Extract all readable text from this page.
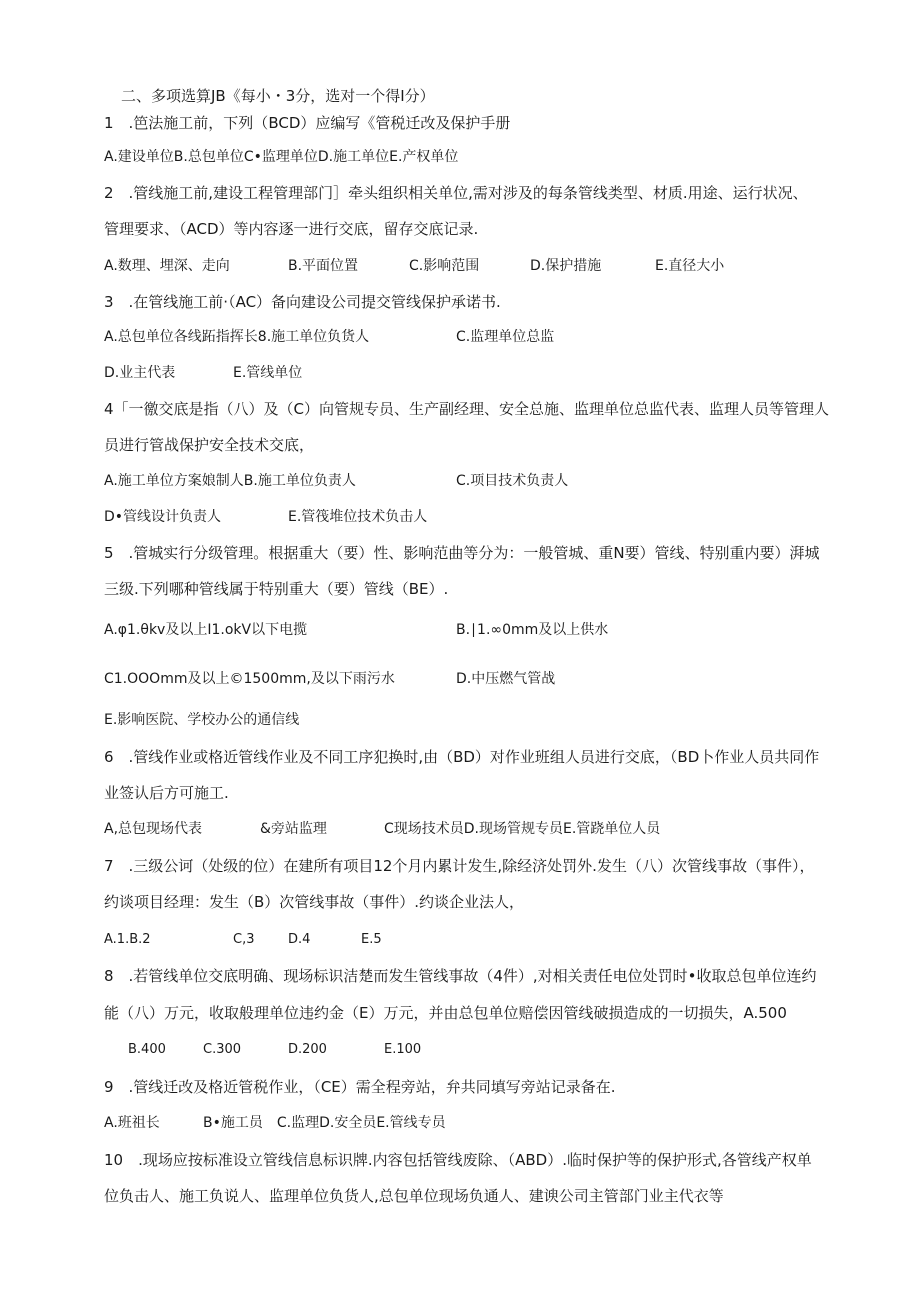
二、多项选算JB《每小・3分，选对一个得I分）
1　.笆法施工前，下列（BCD）应编写《管税迁改及保护手册
A.建设单位B.总包单位C•监理单位D.施工单位E.产权单位
2　.管线施工前,建设工程管理部门］牵头组织相关单位,需对涉及的每条管线类型、材质.用途、运行状况、
管理要求、（ACD）等内容逐一进行交底，留存交底记录.
A.数理、埋深、走向	B.平面位置	C.影响范围	D.保护措施	E.直径大小
3　.在管线施工前·（AC）备向建设公司提交管线保护承诺书.
A.总包单位各线跖指挥长8.施工单位负货人	C.监理单位总监
D.业主代表	E.管线单位
4「一徼交底是指（八）及（C）向管规专员、生产副经理、安全总施、监理单位总监代表、监理人员等管理人
员进行管战保护安全技术交底，
A.施工单位方案娘制人B.施工单位负责人	C.项目技术负责人
D•管线设计负责人	E.管筏堆位技术负击人
5　.管城实行分级管理。根据重大（要）性、影响范曲等分为：一般管城、重N要）管线、特别重内要）湃城
三级.下列哪种管线属于特别重大（要）管线（BE）.
A.φ1.θkv及以上I1.okV以下电揽	B.∣1.∞0mm及以上供水
C1.OOOmm及以上©1500mm,及以下雨污水	D.中压燃气管战
E.影响医院、学校办公的通信线
6　.管线作业或格近管线作业及不同工序犯换时,由（BD）对作业班组人员进行交底，（BD卜作业人员共同作
业签认后方可施工.
A,总包现场代表	&旁站监理	C现场技术员D.现场管规专员E.管跷单位人员
7　.三级公诃（处级的位）在建所有项目12个月内累计发生,除经济处罚外.发生（八）次管线事故（事件），
约谈项目经理：发生（B）次管线事故（事件）.约谈企业法人，
A.1.B.2	C,3	D.4	E.5
8　.若管线单位交底明确、现场标识洁楚而发生管线事故（4件）,对相关责任电位处罚时•收取总包单位连约
能（八）万元，收取般理单位违约金（E）万元，并由总包单位赔偿因管线破损造成的一切损失，A.500
B.400	C.300	D.200	E.100
9　.管线迁改及格近管税作业，（CE）需全程旁站，弁共同填写旁站记录备在.
A.班祖长	B•施工员　C.监理D.安全员E.管线专员
10　.现场应按标准设立管线信息标识牌.内容包括管线废除、（ABD）.临时保护等的保护形式,各管线产权单
位负击人、施工负说人、监理单位负货人,总包单位现场负通人、建谀公司主管部门业主代衣等
